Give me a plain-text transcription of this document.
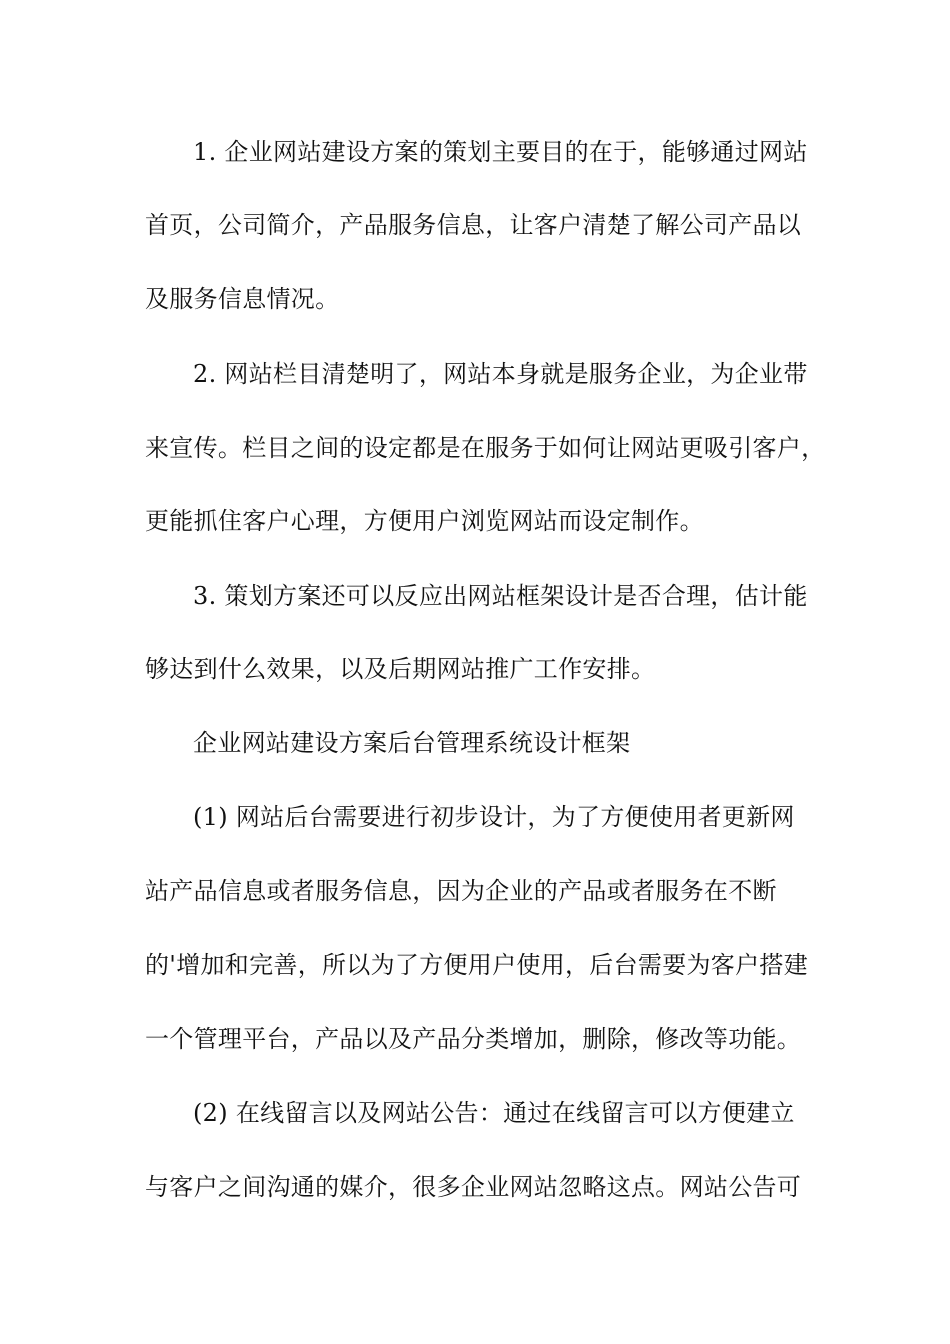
1. 企业网站建设方案的策划主要目的在于，能够通过网站
首页，公司简介，产品服务信息，让客户清楚了解公司产品以
及服务信息情况。
2. 网站栏目清楚明了，网站本身就是服务企业，为企业带
来宣传。栏目之间的设定都是在服务于如何让网站更吸引客户，
更能抓住客户心理，方便用户浏览网站而设定制作。
3. 策划方案还可以反应出网站框架设计是否合理，估计能
够达到什么效果，以及后期网站推广工作安排。
企业网站建设方案后台管理系统设计框架
(1) 网站后台需要进行初步设计，为了方便使用者更新网
站产品信息或者服务信息，因为企业的产品或者服务在不断
的'增加和完善，所以为了方便用户使用，后台需要为客户搭建
一个管理平台，产品以及产品分类增加，删除，修改等功能。
(2) 在线留言以及网站公告：通过在线留言可以方便建立
与客户之间沟通的媒介，很多企业网站忽略这点。网站公告可
